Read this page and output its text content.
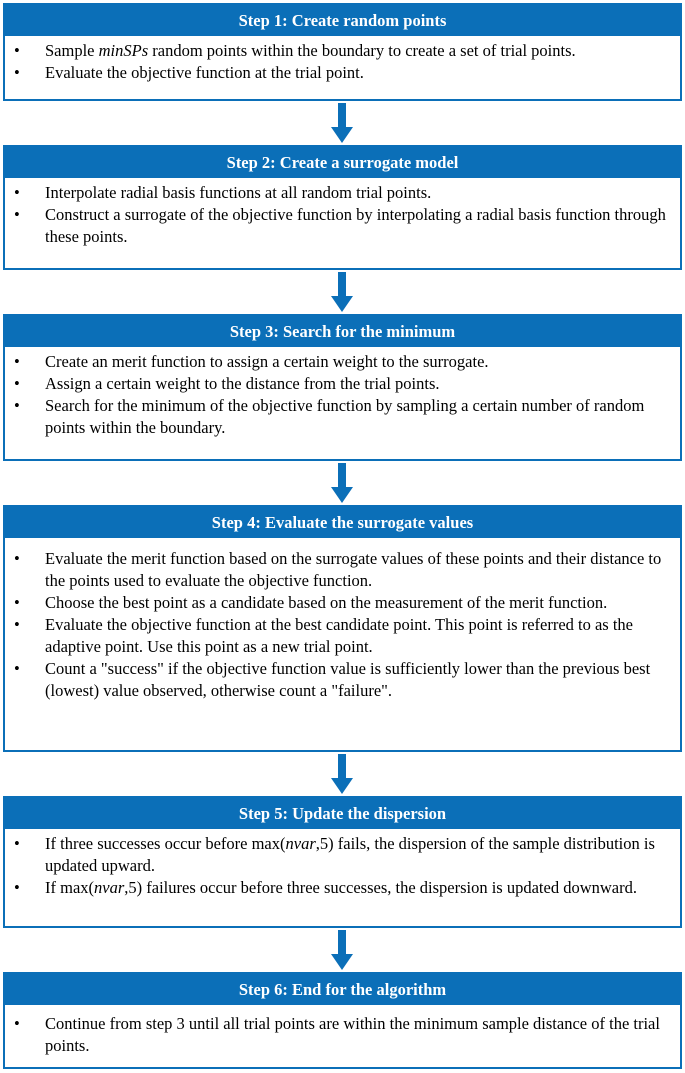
Step 1: Create random points
•	Sample minSPs random points within the boundary to create a set of trial points.
•	Evaluate the objective function at the trial point.
Step 2: Create a surrogate model
•	Interpolate radial basis functions at all random trial points.
•	Construct a surrogate of the objective function by interpolating a radial basis function through these points.
Step 3: Search for the minimum
•	Create an merit function to assign a certain weight to the surrogate.
•	Assign a certain weight to the distance from the trial points.
•	Search for the minimum of the objective function by sampling a certain number of random points within the boundary.
Step 4: Evaluate the surrogate values
•	Evaluate the merit function based on the surrogate values of these points and their distance to the points used to evaluate the objective function.
•	Choose the best point as a candidate based on the measurement of the merit function.
•	Evaluate the objective function at the best candidate point. This point is referred to as the adaptive point. Use this point as a new trial point.
•	Count a "success" if the objective function value is sufficiently lower than the previous best (lowest) value observed, otherwise count a "failure".
Step 5: Update the dispersion
•	If three successes occur before max(nvar,5) fails, the dispersion of the sample distribution is updated upward.
•	If max(nvar,5) failures occur before three successes, the dispersion is updated downward.
Step 6: End for the algorithm
•	Continue from step 3 until all trial points are within the minimum sample distance of the trial points.
